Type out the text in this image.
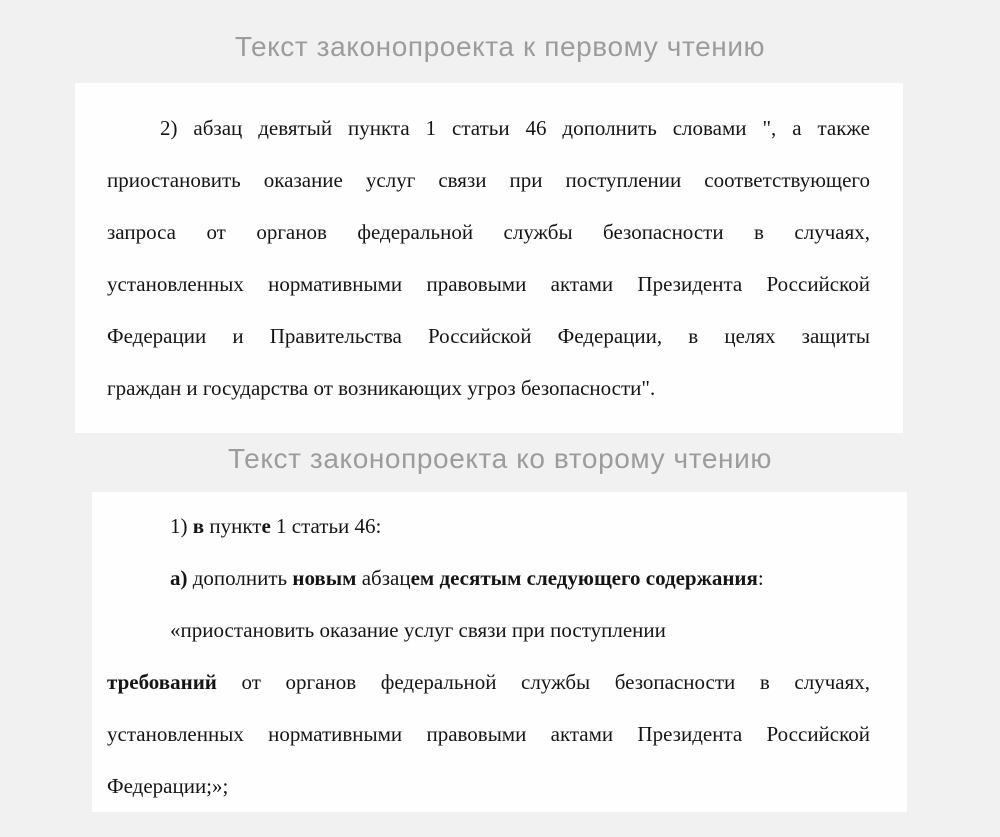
Текст законопроекта к первому чтению
2) абзац девятый пункта 1 статьи 46 дополнить словами ", а также
приостановить оказание услуг связи при поступлении соответствующего
запроса от органов федеральной службы безопасности в случаях,
установленных нормативными правовыми актами Президента Российской
Федерации и Правительства Российской Федерации, в целях защиты
граждан и государства от возникающих угроз безопасности".
Текст законопроекта ко второму чтению
1) в пункте 1 статьи 46:
а) дополнить новым абзацем десятым следующего содержания:
«приостановить оказание услуг связи при поступлении
требований от органов федеральной службы безопасности в случаях,
установленных нормативными правовыми актами Президента Российской
Федерации;»;
